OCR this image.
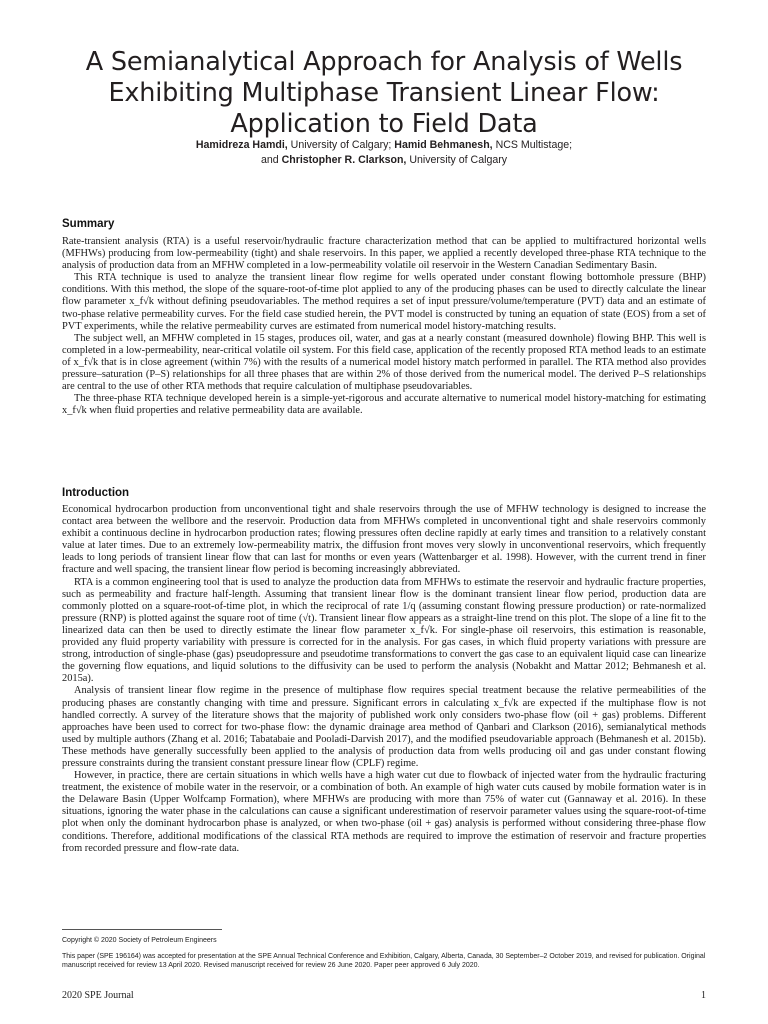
A Semianalytical Approach for Analysis of Wells Exhibiting Multiphase Transient Linear Flow: Application to Field Data
Hamidreza Hamdi, University of Calgary; Hamid Behmanesh, NCS Multistage;
and Christopher R. Clarkson, University of Calgary
Summary

Rate-transient analysis (RTA) is a useful reservoir/hydraulic fracture characterization method that can be applied to multifractured horizontal wells (MFHWs) producing from low-permeability (tight) and shale reservoirs. In this paper, we applied a recently developed three-phase RTA technique to the analysis of production data from an MFHW completed in a low-permeability volatile oil reservoir in the Western Canadian Sedimentary Basin.

This RTA technique is used to analyze the transient linear flow regime for wells operated under constant flowing bottomhole pressure (BHP) conditions. With this method, the slope of the square-root-of-time plot applied to any of the producing phases can be used to directly calculate the linear flow parameter x_f√k without defining pseudovariables. The method requires a set of input pressure/volume/temperature (PVT) data and an estimate of two-phase relative permeability curves. For the field case studied herein, the PVT model is constructed by tuning an equation of state (EOS) from a set of PVT experiments, while the relative permeability curves are estimated from numerical model history-matching results.

The subject well, an MFHW completed in 15 stages, produces oil, water, and gas at a nearly constant (measured downhole) flowing BHP. This well is completed in a low-permeability, near-critical volatile oil system. For this field case, application of the recently proposed RTA method leads to an estimate of x_f√k that is in close agreement (within 7%) with the results of a numerical model history match performed in parallel. The RTA method also provides pressure–saturation (P–S) relationships for all three phases that are within 2% of those derived from the numerical model. The derived P–S relationships are central to the use of other RTA methods that require calculation of multiphase pseudovariables.

The three-phase RTA technique developed herein is a simple-yet-rigorous and accurate alternative to numerical model history-matching for estimating x_f√k when fluid properties and relative permeability data are available.

Introduction

Economical hydrocarbon production from unconventional tight and shale reservoirs through the use of MFHW technology is designed to increase the contact area between the wellbore and the reservoir. Production data from MFHWs completed in unconventional tight and shale reservoirs commonly exhibit a continuous decline in hydrocarbon production rates; flowing pressures often decline rapidly at early times and transition to a relatively constant value at later times. Due to an extremely low-permeability matrix, the diffusion front moves very slowly in unconventional reservoirs, which frequently leads to long periods of transient linear flow that can last for months or even years (Wattenbarger et al. 1998). However, with the current trend in finer fracture and well spacing, the transient linear flow period is becoming increasingly abbreviated.

RTA is a common engineering tool that is used to analyze the production data from MFHWs to estimate the reservoir and hydraulic fracture properties, such as permeability and fracture half-length. Assuming that transient linear flow is the dominant transient linear flow period, production data are commonly plotted on a square-root-of-time plot, in which the reciprocal of rate 1/q (assuming constant flowing pressure production) or rate-normalized pressure (RNP) is plotted against the square root of time (√t). Transient linear flow appears as a straight-line trend on this plot. The slope of a line fit to the linearized data can then be used to directly estimate the linear flow parameter x_f√k. For single-phase oil reservoirs, this estimation is reasonable, provided any fluid property variability with pressure is corrected for in the analysis. For gas cases, in which fluid property variations with pressure are strong, introduction of single-phase (gas) pseudopressure and pseudotime transformations to convert the gas case to an equivalent liquid case can linearize the governing flow equations, and liquid solutions to the diffusivity can be used to perform the analysis (Nobakht and Mattar 2012; Behmanesh et al. 2015a).

Analysis of transient linear flow regime in the presence of multiphase flow requires special treatment because the relative permeabilities of the producing phases are constantly changing with time and pressure. Significant errors in calculating x_f√k are expected if the multiphase flow is not handled correctly. A survey of the literature shows that the majority of published work only considers two-phase flow (oil + gas) problems. Different approaches have been used to correct for two-phase flow: the dynamic drainage area method of Qanbari and Clarkson (2016), semianalytical methods used by multiple authors (Zhang et al. 2016; Tabatabaie and Pooladi-Darvish 2017), and the modified pseudovariable approach (Behmanesh et al. 2015b). These methods have generally successfully been applied to the analysis of production data from wells producing oil and gas under constant flowing pressure constraints during the transient constant pressure linear flow (CPLF) regime.

However, in practice, there are certain situations in which wells have a high water cut due to flowback of injected water from the hydraulic fracturing treatment, the existence of mobile water in the reservoir, or a combination of both. An example of high water cuts caused by mobile formation water is in the Delaware Basin (Upper Wolfcamp Formation), where MFHWs are producing with more than 75% of water cut (Gannaway et al. 2016). In these situations, ignoring the water phase in the calculations can cause a significant underestimation of reservoir parameter values using the square-root-of-time plot when only the dominant hydrocarbon phase is analyzed, or when two-phase (oil + gas) analysis is performed without considering three-phase flow conditions. Therefore, additional modifications of the classical RTA methods are required to improve the estimation of reservoir and fracture properties from recorded pressure and flow-rate data.

Copyright © 2020 Society of Petroleum Engineers
This paper (SPE 196164) was accepted for presentation at the SPE Annual Technical Conference and Exhibition, Calgary, Alberta, Canada, 30 September–2 October 2019, and revised for publication. Original manuscript received for review 13 April 2020. Revised manuscript received for review 26 June 2020. Paper peer approved 6 July 2020.
2020 SPE Journal	1
